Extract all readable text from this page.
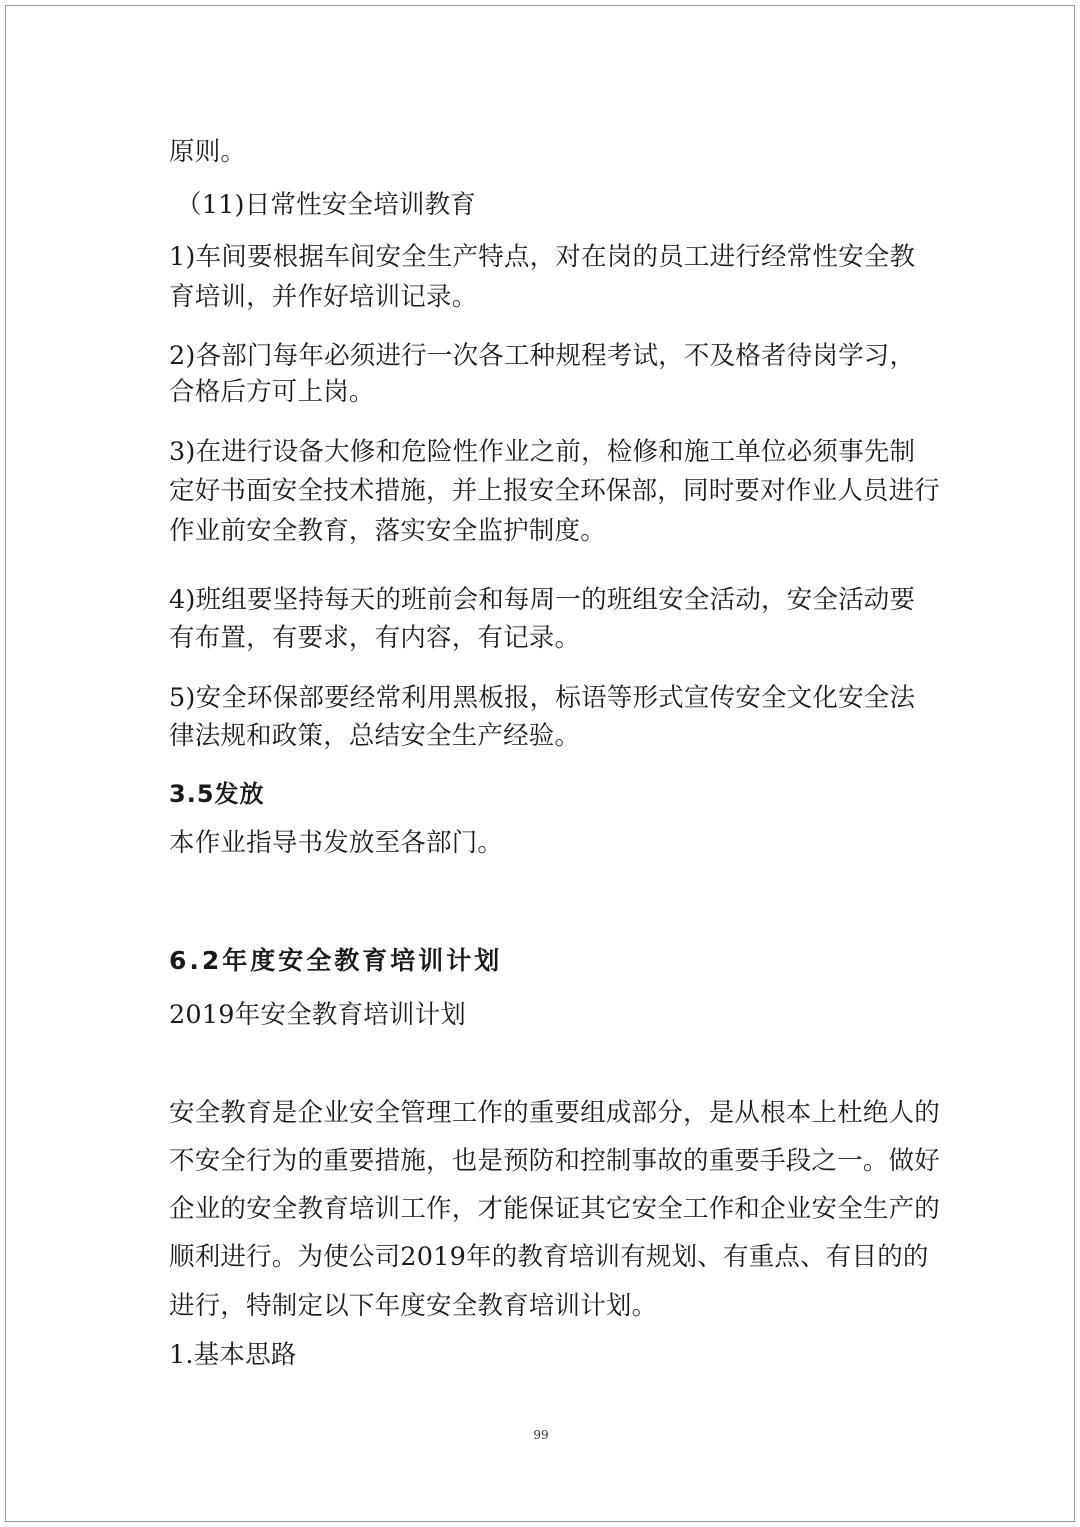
原则。
（11)日常性安全培训教育
1)车间要根据车间安全生产特点，对在岗的员工进行经常性安全教
育培训，并作好培训记录。
2)各部门每年必须进行一次各工种规程考试，不及格者待岗学习，
合格后方可上岗。
3)在进行设备大修和危险性作业之前，检修和施工单位必须事先制
定好书面安全技术措施，并上报安全环保部，同时要对作业人员进行
作业前安全教育，落实安全监护制度。
4)班组要坚持每天的班前会和每周一的班组安全活动，安全活动要
有布置，有要求，有内容，有记录。
5)安全环保部要经常利用黑板报，标语等形式宣传安全文化安全法
律法规和政策，总结安全生产经验。
3.5发放
本作业指导书发放至各部门。
6.2年度安全教育培训计划
2019年安全教育培训计划
安全教育是企业安全管理工作的重要组成部分，是从根本上杜绝人的
不安全行为的重要措施，也是预防和控制事故的重要手段之一。做好
企业的安全教育培训工作，才能保证其它安全工作和企业安全生产的
顺利进行。为使公司2019年的教育培训有规划、有重点、有目的的
进行，特制定以下年度安全教育培训计划。
1.基本思路
99
